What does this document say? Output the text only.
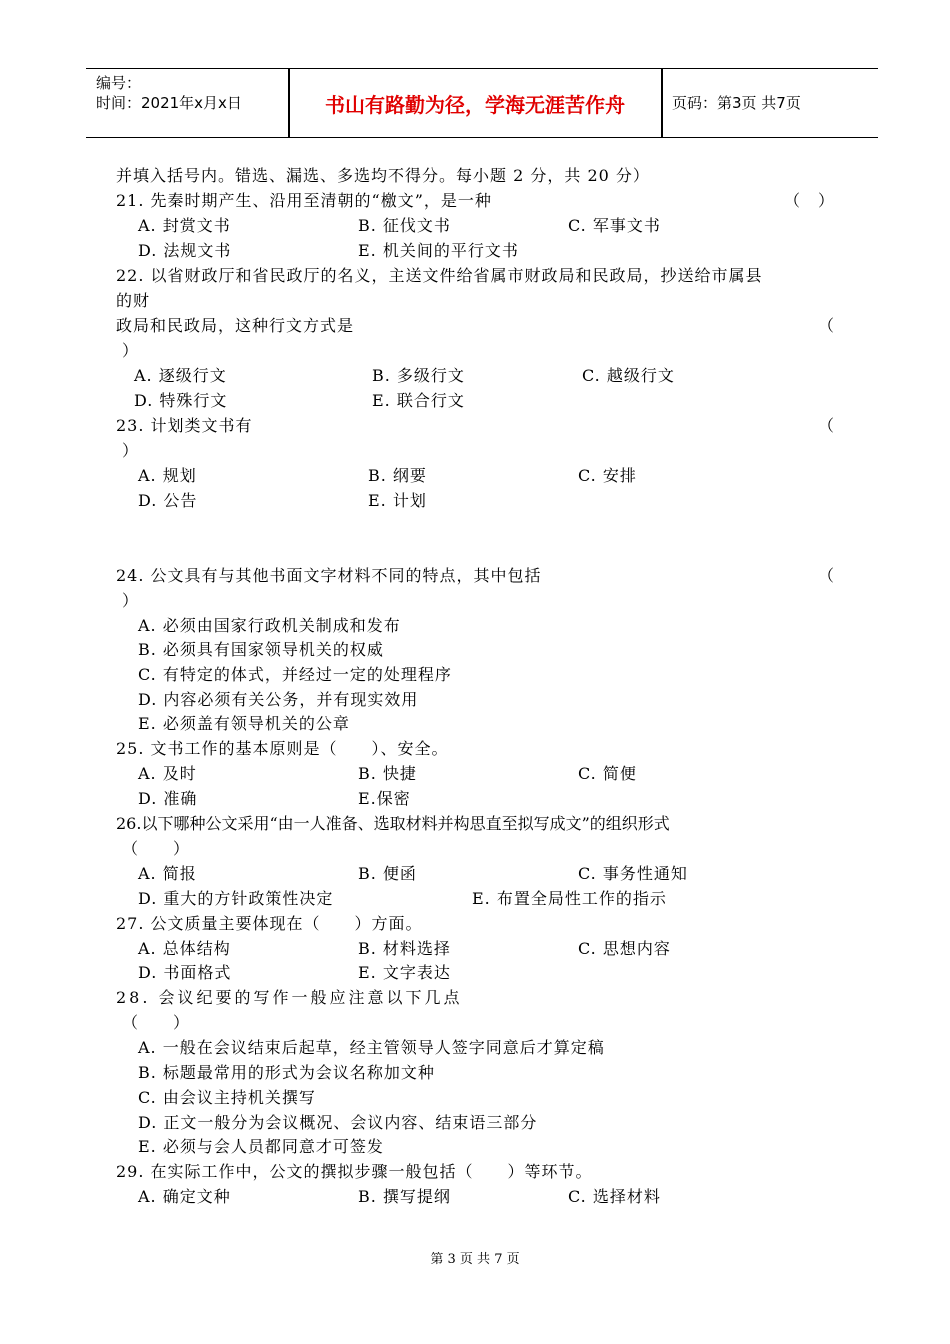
编号：
时间：2021年x月x日	书山有路勤为径，学海无涯苦作舟	页码：第3页 共7页
并填入括号内。错选、漏选、多选均不得分。每小题 2 分，共 20 分）
21. 先秦时期产生、沿用至清朝的“檄文”，是一种	（　）
A. 封赏文书	B. 征伐文书	C. 军事文书
D. 法规文书	E. 机关间的平行文书
22. 以省财政厅和省民政厅的名义，主送文件给省属市财政局和民政局，抄送给市属县
的财
政局和民政局，这种行文方式是	（
）
A. 逐级行文	B. 多级行文	C. 越级行文
D. 特殊行文	E. 联合行文
23. 计划类文书有	（
）
A. 规划	B. 纲要	C. 安排
D. 公告	E. 计划
24. 公文具有与其他书面文字材料不同的特点，其中包括	（
）
A. 必须由国家行政机关制成和发布
B. 必须具有国家领导机关的权威
C. 有特定的体式，并经过一定的处理程序
D. 内容必须有关公务，并有现实效用
E. 必须盖有领导机关的公章
25. 文书工作的基本原则是（　　）、安全。
A. 及时	B. 快捷	C. 简便
D. 准确	E.保密
26.以下哪种公文采用“由一人准备、选取材料并构思直至拟写成文”的组织形式
（　　）
A. 简报	B. 便函	C. 事务性通知
D. 重大的方针政策性决定	E. 布置全局性工作的指示
27. 公文质量主要体现在（　　）方面。
A. 总体结构	B. 材料选择	C. 思想内容
D. 书面格式	E. 文字表达
28. 会议纪要的写作一般应注意以下几点
（　　）
A. 一般在会议结束后起草，经主管领导人签字同意后才算定稿
B. 标题最常用的形式为会议名称加文种
C. 由会议主持机关撰写
D. 正文一般分为会议概况、会议内容、结束语三部分
E. 必须与会人员都同意才可签发
29. 在实际工作中，公文的撰拟步骤一般包括（　　）等环节。
A. 确定文种	B. 撰写提纲	C. 选择材料
第 3 页 共 7 页
